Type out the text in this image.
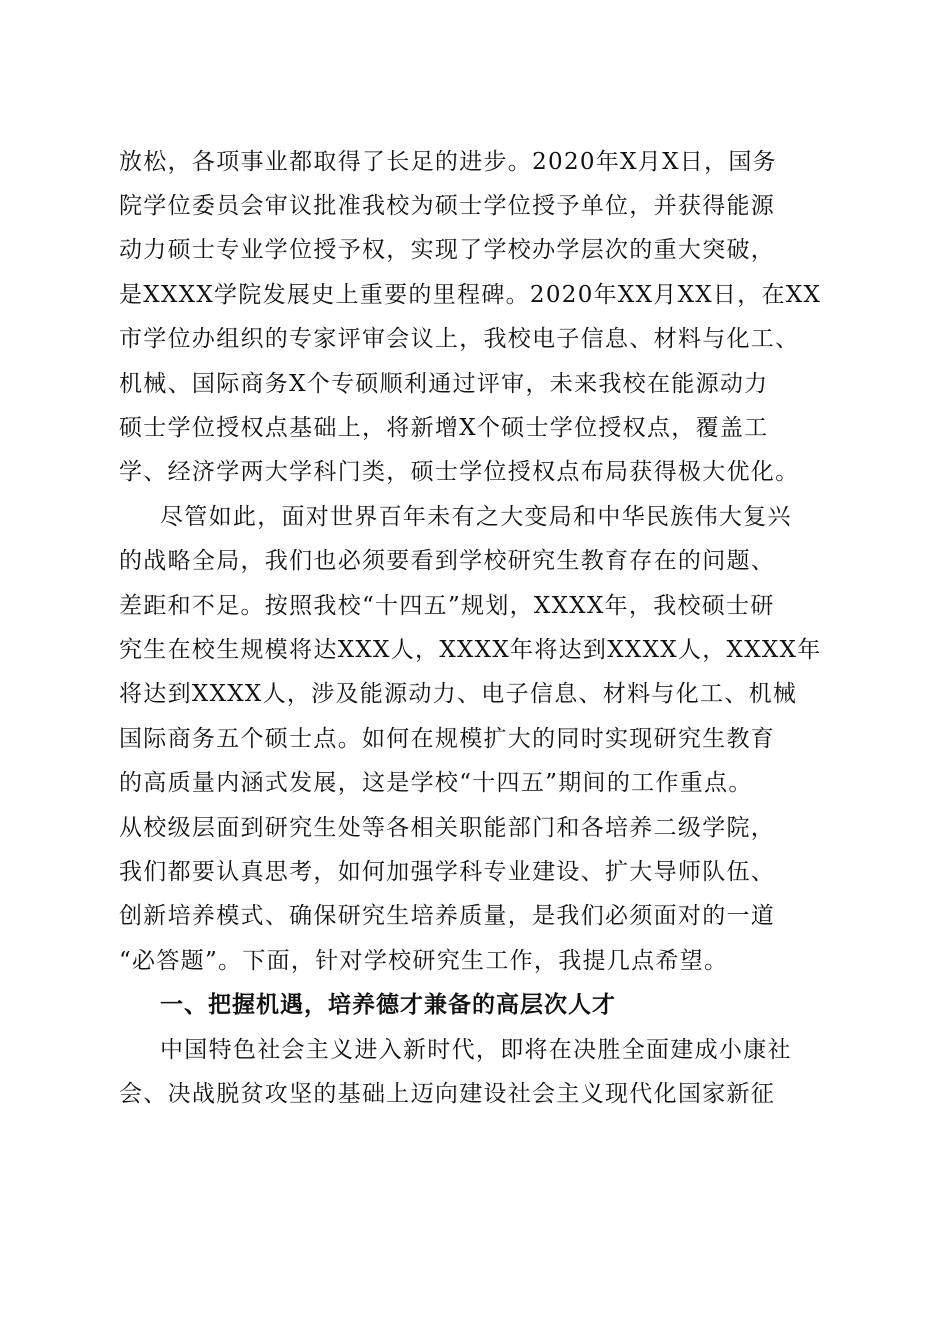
放松，各项事业都取得了长足的进步。2020年X月X日，国务
院学位委员会审议批准我校为硕士学位授予单位，并获得能源
动力硕士专业学位授予权，实现了学校办学层次的重大突破，
是XXXX学院发展史上重要的里程碑。2020年XX月XX日，在XX
市学位办组织的专家评审会议上，我校电子信息、材料与化工、
机械、国际商务X个专硕顺利通过评审，未来我校在能源动力
硕士学位授权点基础上，将新增X个硕士学位授权点，覆盖工
学、经济学两大学科门类，硕士学位授权点布局获得极大优化。
尽管如此，面对世界百年未有之大变局和中华民族伟大复兴
的战略全局，我们也必须要看到学校研究生教育存在的问题、
差距和不足。按照我校“十四五”规划，XXXX年，我校硕士研
究生在校生规模将达XXX人，XXXX年将达到XXXX人，XXXX年
将达到XXXX人，涉及能源动力、电子信息、材料与化工、机械
国际商务五个硕士点。如何在规模扩大的同时实现研究生教育
的高质量内涵式发展，这是学校“十四五”期间的工作重点。
从校级层面到研究生处等各相关职能部门和各培养二级学院，
我们都要认真思考，如何加强学科专业建设、扩大导师队伍、
创新培养模式、确保研究生培养质量，是我们必须面对的一道
“必答题”。下面，针对学校研究生工作，我提几点希望。
一、把握机遇，培养德才兼备的高层次人才
中国特色社会主义进入新时代，即将在决胜全面建成小康社
会、决战脱贫攻坚的基础上迈向建设社会主义现代化国家新征
